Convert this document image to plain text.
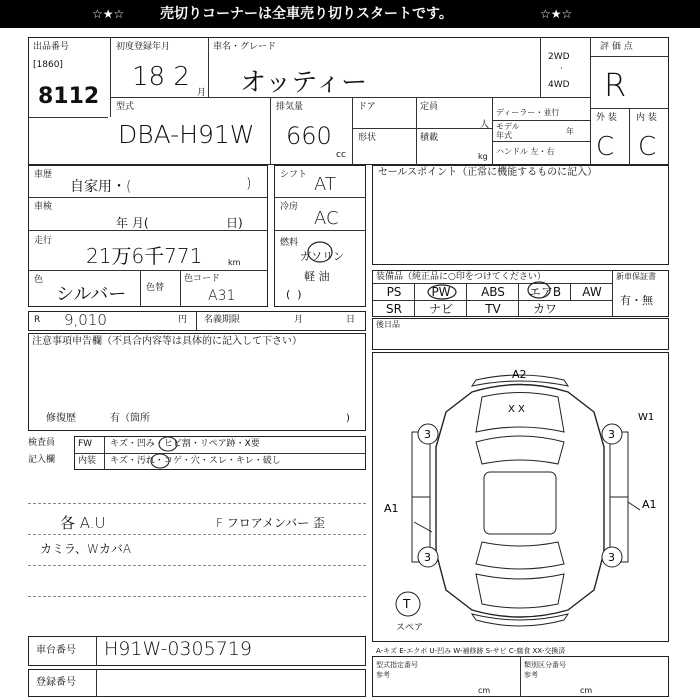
☆★☆	売切りコーナーは全車売り切りスタートです。	☆★☆
出品番号
[1860]
8112
初度登録年月
18 2
月
車名・グレード
オッティー
2WD
·
4WD
型式
DBA-H91W
排気量
660
cc
ドア
形状
定員
人
積載
kg
ディーラー・並行
モデル
年式	年
ハンドル 左・右
評 価 点
R
外 装 内 装
C C
車歴
自家用・(	)
車検
年 月(	日)
走行
21万6千771	km
色
シルバー 色替
色コード
A31
シフト AT
冷房
AC
燃料
ガソリン
軽 油
(  )
セールスポイント（正常に機能するものに記入）
装備品（純正品に○印をつけてください）	新車保証書
PS	PW	ABS	エアB	AW
SR	ナビ	TV	カワ
有・無
R 9,010	円 名義期限	月	日
注意事項申告欄（不具合内容等は具体的に記入して下さい）
修復歴	有（箇所	)
後日品
検査員
記入欄
FW キズ・凹み・ヒビ割・リペア跡・X要
内装 キズ・汚れ・コゲ・穴・スレ・キレ・破し
各 A.U	F フロアメンバー 歪
カミラ、WカバA
A2
A1	A1
3	3
3	3
W1
X X
T
スペア
A-キズ E-エクボ U-凹み W-補修跡 S-サビ C-腐食 XX-交換済
車台番号 H91W-0305719
登録番号
型式指定番号
参考
類別区分番号
参考
cm	cm
